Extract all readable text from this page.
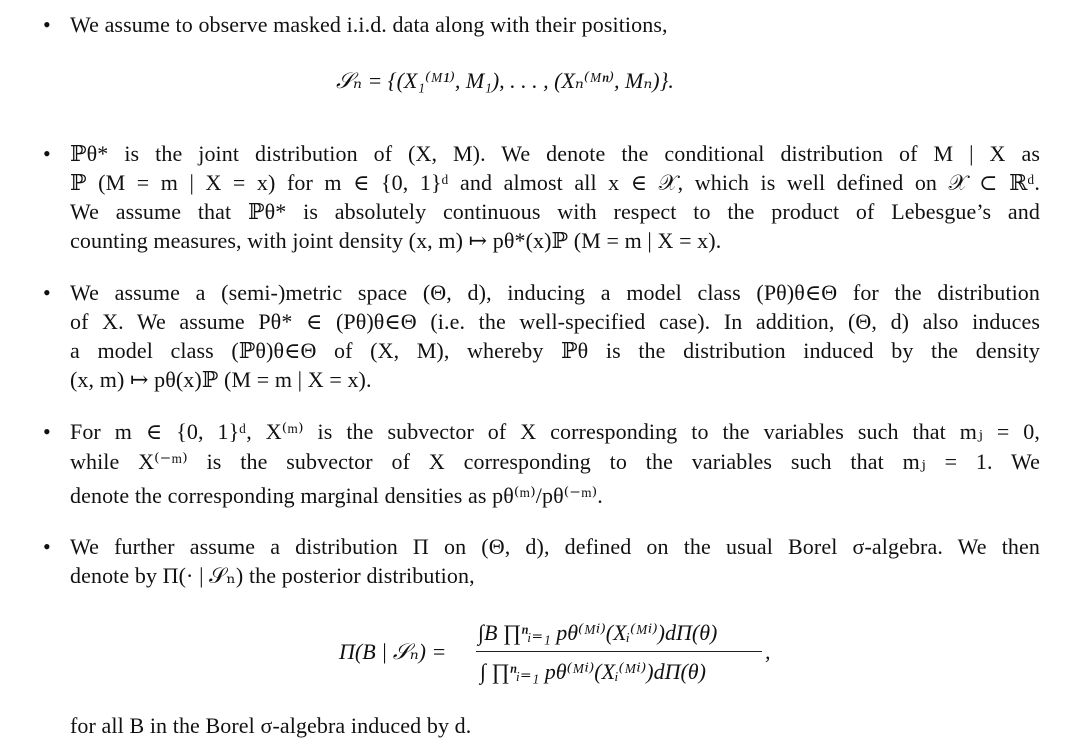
• We assume to observe masked i.i.d. data along with their positions,
𝒮ₙ = {(X₁⁽ᴹ¹⁾, M₁), . . . , (Xₙ⁽ᴹⁿ⁾, Mₙ)}.
• ℙθ* is the joint distribution of (X, M). We denote the conditional distribution of M | X as
ℙ (M = m | X = x) for m ∈ {0, 1}ᵈ and almost all x ∈ 𝒳, which is well defined on 𝒳 ⊂ ℝᵈ.
We assume that ℙθ* is absolutely continuous with respect to the product of Lebesgue’s and
counting measures, with joint density (x, m) ↦ pθ*(x)ℙ (M = m | X = x).
• We assume a (semi-)metric space (Θ, d), inducing a model class (Pθ)θ∈Θ for the distribution
of X. We assume Pθ* ∈ (Pθ)θ∈Θ (i.e. the well-specified case). In addition, (Θ, d) also induces
a model class (ℙθ)θ∈Θ of (X, M), whereby ℙθ is the distribution induced by the density
(x, m) ↦ pθ(x)ℙ (M = m | X = x).
• For m ∈ {0, 1}ᵈ, X⁽ᵐ⁾ is the subvector of X corresponding to the variables such that mⱼ = 0,
while X⁽⁻ᵐ⁾ is the subvector of X corresponding to the variables such that mⱼ = 1. We
denote the corresponding marginal densities as pθ⁽ᵐ⁾/pθ⁽⁻ᵐ⁾.
• We further assume a distribution Π on (Θ, d), defined on the usual Borel σ-algebra. We then
denote by Π(· | 𝒮ₙ) the posterior distribution,
Π(B | 𝒮ₙ) =
∫B ∏ⁿᵢ₌₁ pθ⁽ᴹⁱ⁾(Xᵢ⁽ᴹⁱ⁾)dΠ(θ)
∫ ∏ⁿᵢ₌₁ pθ⁽ᴹⁱ⁾(Xᵢ⁽ᴹⁱ⁾)dΠ(θ)
,
for all B in the Borel σ-algebra induced by d.
